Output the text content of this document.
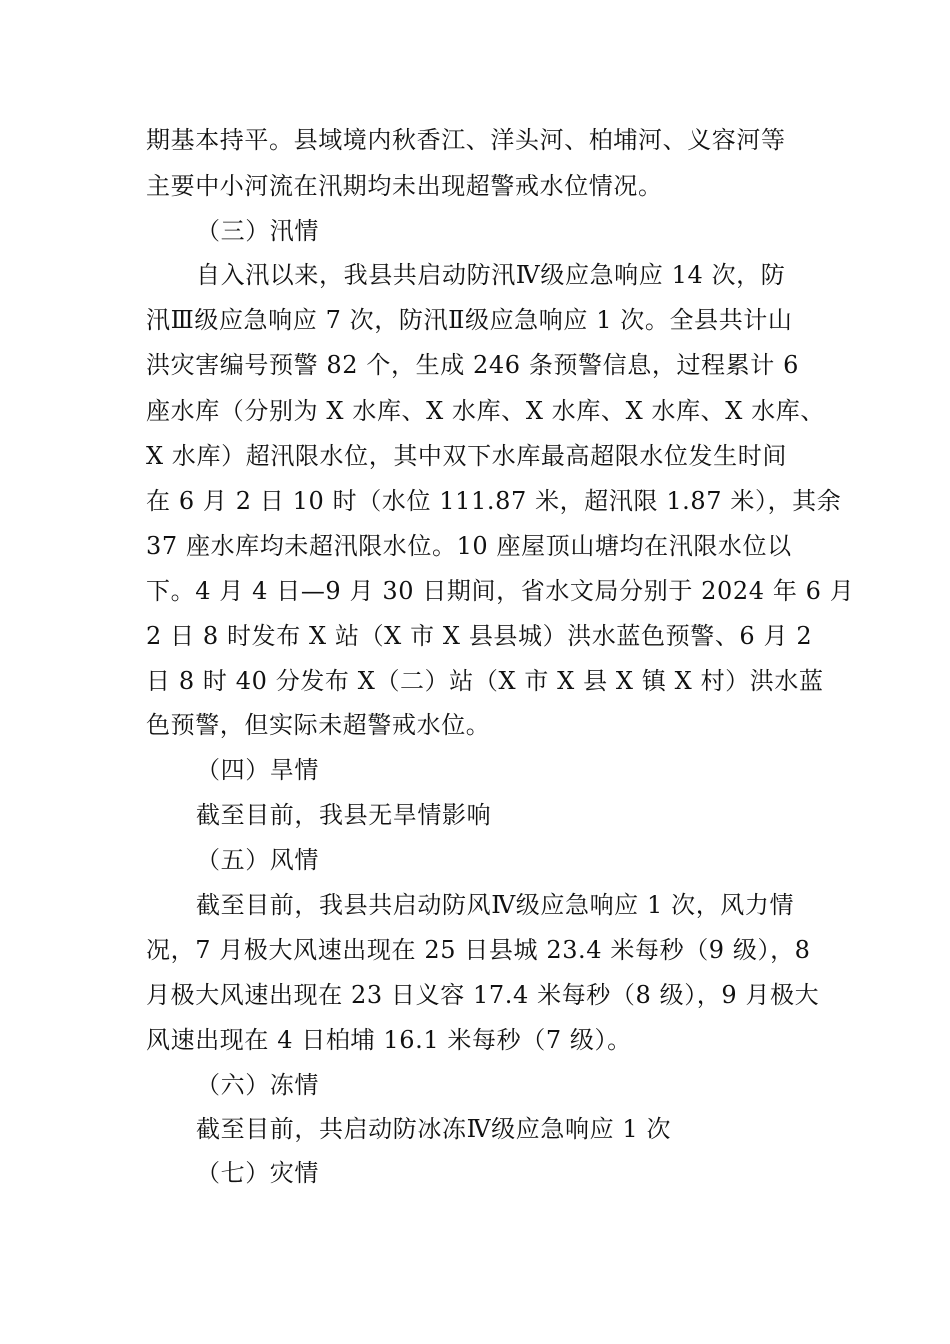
期基本持平。县域境内秋香江、洋头河、柏埔河、义容河等
主要中小河流在汛期均未出现超警戒水位情况。
（三）汛情
自入汛以来，我县共启动防汛Ⅳ级应急响应 14 次，防
汛Ⅲ级应急响应 7 次，防汛Ⅱ级应急响应 1 次。全县共计山
洪灾害编号预警 82 个，生成 246 条预警信息，过程累计 6
座水库（分别为 X 水库、X 水库、X 水库、X 水库、X 水库、
X 水库）超汛限水位，其中双下水库最高超限水位发生时间
在 6 月 2 日 10 时（水位 111.87 米，超汛限 1.87 米），其余
37 座水库均未超汛限水位。10 座屋顶山塘均在汛限水位以
下。4 月 4 日—9 月 30 日期间，省水文局分别于 2024 年 6 月
2 日 8 时发布 X 站（X 市 X 县县城）洪水蓝色预警、6 月 2
日 8 时 40 分发布 X（二）站（X 市 X 县 X 镇 X 村）洪水蓝
色预警，但实际未超警戒水位。
（四）旱情
截至目前，我县无旱情影响
（五）风情
截至目前，我县共启动防风Ⅳ级应急响应 1 次，风力情
况，7 月极大风速出现在 25 日县城 23.4 米每秒（9 级），8
月极大风速出现在 23 日义容 17.4 米每秒（8 级），9 月极大
风速出现在 4 日柏埔 16.1 米每秒（7 级）。
（六）冻情
截至目前，共启动防冰冻Ⅳ级应急响应 1 次
（七）灾情
